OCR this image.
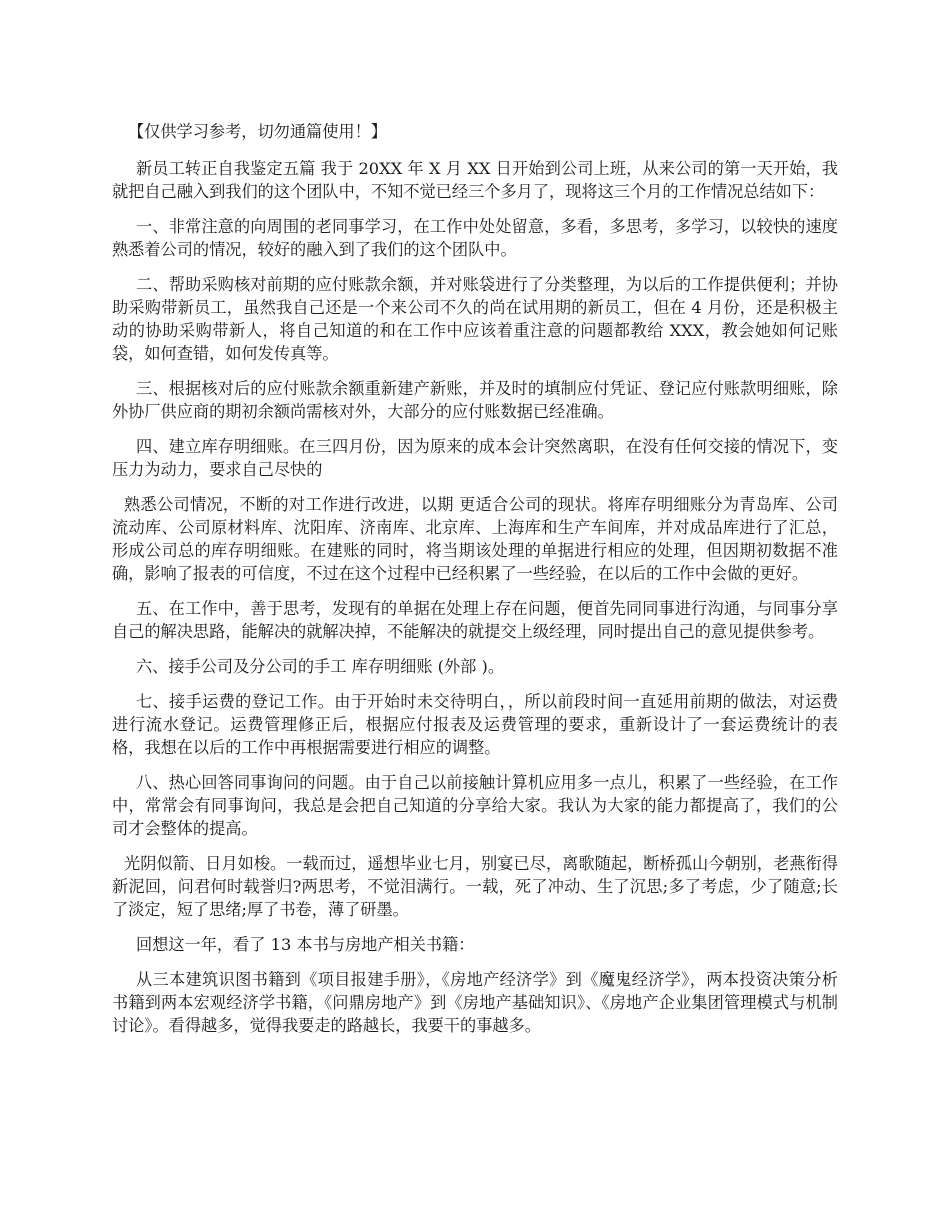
【仅供学习参考，切勿通篇使用！】

新员工转正自我鉴定五篇 我于 20XX 年 X 月 XX 日开始到公司上班，从来公司的第一天开始，我就把自己融入到我们的这个团队中，不知不觉已经三个多月了，现将这三个月的工作情况总结如下：

一、非常注意的向周围的老同事学习，在工作中处处留意，多看，多思考，多学习，以较快的速度熟悉着公司的情况，较好的融入到了我们的这个团队中。

二、帮助采购核对前期的应付账款余额，并对账袋进行了分类整理，为以后的工作提供便利；并协助采购带新员工，虽然我自己还是一个来公司不久的尚在试用期的新员工，但在 4 月份，还是积极主动的协助采购带新人，将自己知道的和在工作中应该着重注意的问题都教给 XXX，教会她如何记账袋，如何查错，如何发传真等。

三、根据核对后的应付账款余额重新建产新账，并及时的填制应付凭证、登记应付账款明细账，除外协厂供应商的期初余额尚需核对外，大部分的应付账数据已经准确。

四、建立库存明细账。在三四月份，因为原来的成本会计突然离职，在没有任何交接的情况下，变压力为动力，要求自己尽快的

熟悉公司情况，不断的对工作进行改进，以期 更适合公司的现状。将库存明细账分为青岛库、公司流动库、公司原材料库、沈阳库、济南库、北京库、上海库和生产车间库，并对成品库进行了汇总，形成公司总的库存明细账。在建账的同时，将当期该处理的单据进行相应的处理，但因期初数据不准确，影响了报表的可信度，不过在这个过程中已经积累了一些经验，在以后的工作中会做的更好。

五、在工作中，善于思考，发现有的单据在处理上存在问题，便首先同同事进行沟通，与同事分享自己的解决思路，能解决的就解决掉，不能解决的就提交上级经理，同时提出自己的意见提供参考。

六、接手公司及分公司的手工 库存明细账 (外部 )。

七、接手运费的登记工作。由于开始时未交待明白，，所以前段时间一直延用前期的做法，对运费进行流水登记。运费管理修正后，根据应付报表及运费管理的要求，重新设计了一套运费统计的表格，我想在以后的工作中再根据需要进行相应的调整。

八、热心回答同事询问的问题。由于自己以前接触计算机应用多一点儿，积累了一些经验，在工作中，常常会有同事询问，我总是会把自己知道的分享给大家。我认为大家的能力都提高了，我们的公司才会整体的提高。

光阴似箭、日月如梭。一载而过，遥想毕业七月，别宴已尽，离歌随起，断桥孤山今朝别，老燕衔得新泥回，问君何时载誉归?两思考，不觉泪满行。一载，死了冲动、生了沉思;多了考虑，少了随意;长了淡定，短了思绪;厚了书卷，薄了研墨。

回想这一年，看了 13 本书与房地产相关书籍：

从三本建筑识图书籍到《项目报建手册》，《房地产经济学》到《魔鬼经济学》，两本投资决策分析书籍到两本宏观经济学书籍，《问鼎房地产》到《房地产基础知识》、《房地产企业集团管理模式与机制讨论》。看得越多，觉得我要走的路越长，我要干的事越多。
